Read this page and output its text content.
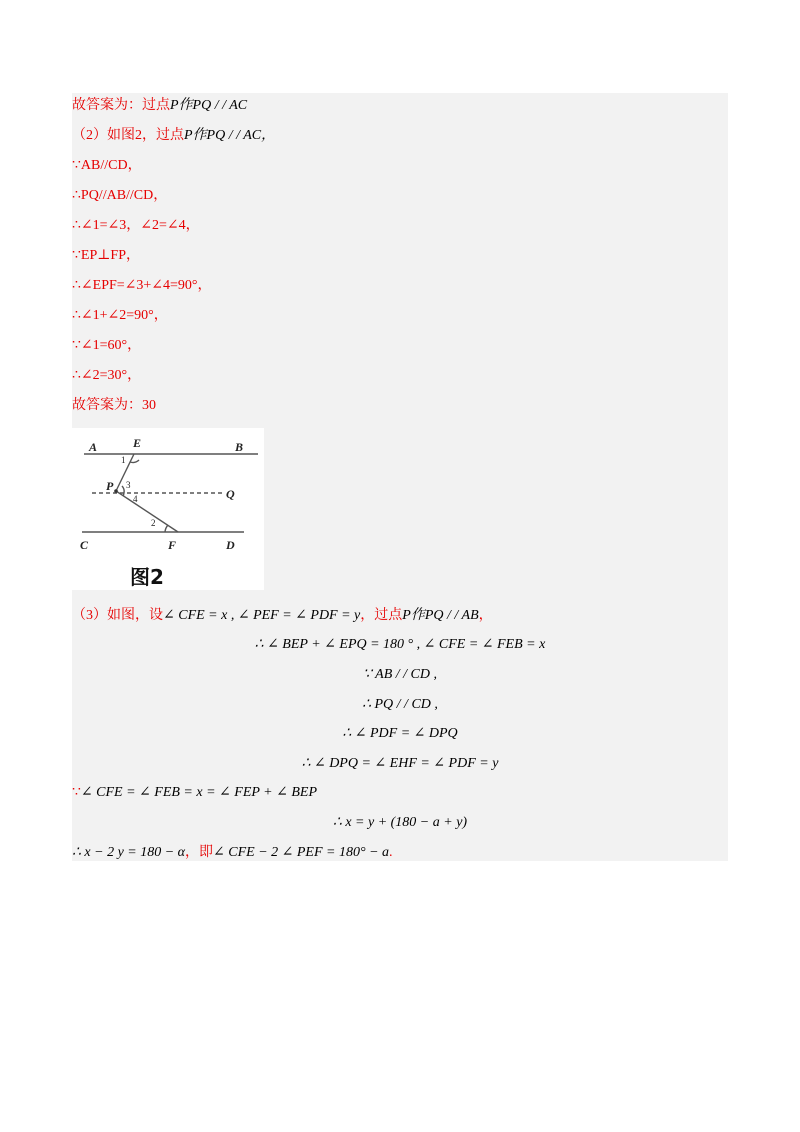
故答案为：过点P作PQ / / AC
（2）如图2，过点P作PQ / / AC，
∵AB//CD，
∴PQ//AB//CD，
∴∠1=∠3，∠2=∠4，
∵EP⊥FP，
∴∠EPF=∠3+∠4=90°，
∴∠1+∠2=90°，
∵∠1=60°，
∴∠2=30°，
故答案为：30
A	E	B
P
Q
C	F	D
1
3
4
2
图2
（3）如图，设∠ CFE = x , ∠ PEF = ∠ PDF = y，过点P作PQ / / AB，
∴ ∠ BEP + ∠ EPQ = 180 ° , ∠ CFE = ∠ FEB = x
∵ AB / / CD ,
∴ PQ / / CD ,
∴ ∠ PDF = ∠ DPQ
∴ ∠ DPQ = ∠ EHF = ∠ PDF = y
∵∠ CFE = ∠ FEB = x = ∠ FEP + ∠ BEP
∴ x = y + (180 − a + y)
∴ x − 2 y = 180 − α，即∠ CFE − 2 ∠ PEF = 180° − a.
